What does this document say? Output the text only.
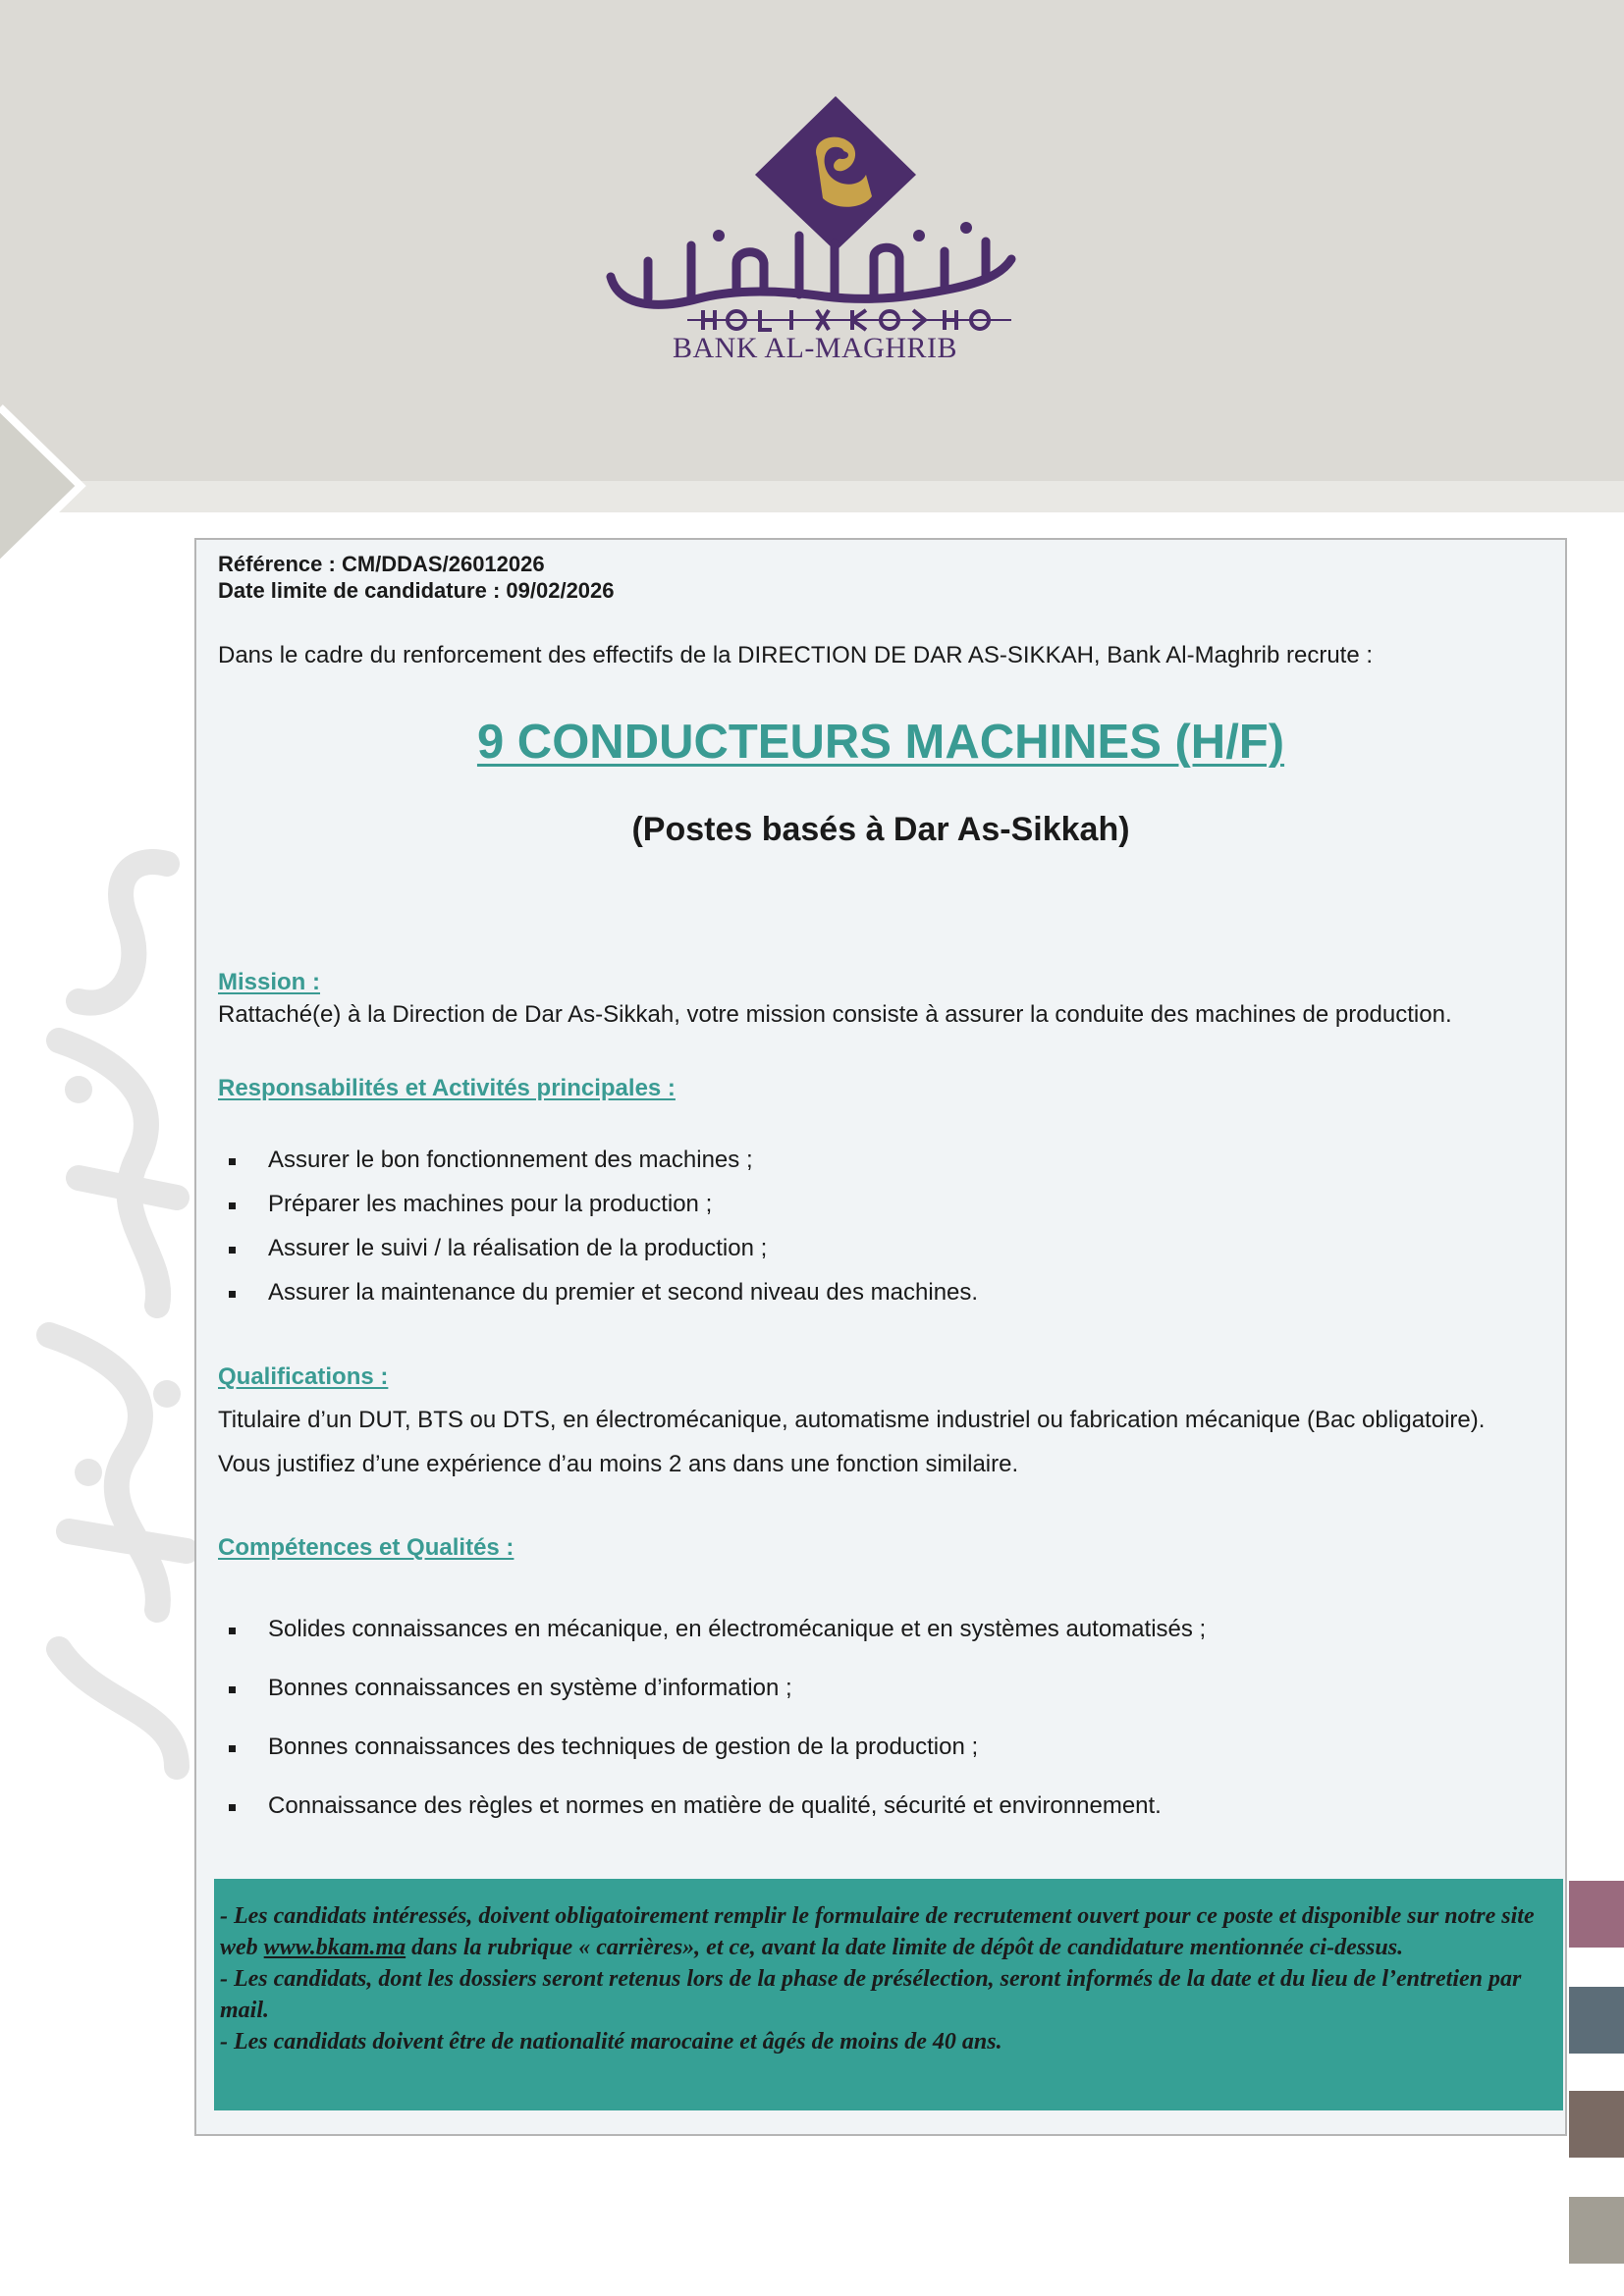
BANK AL-MAGHRIB
Référence : CM/DDAS/26012026
Date limite de candidature : 09/02/2026
Dans le cadre du renforcement des effectifs de la DIRECTION DE DAR AS-SIKKAH, Bank Al-Maghrib recrute :
9 CONDUCTEURS MACHINES (H/F)
(Postes basés à Dar As-Sikkah)
Mission :
Rattaché(e) à la Direction de Dar As-Sikkah, votre mission consiste à assurer la conduite des machines de production.
Responsabilités et Activités principales :
Assurer le bon fonctionnement des machines ;
Préparer les machines pour la production ;
Assurer le suivi / la réalisation de la production ;
Assurer la maintenance du premier et second niveau des machines.
Qualifications :
Titulaire d’un DUT, BTS ou DTS, en électromécanique, automatisme industriel ou fabrication mécanique (Bac obligatoire).
Vous justifiez d’une expérience d’au moins 2 ans dans une fonction similaire.
Compétences et Qualités :
Solides connaissances en mécanique, en électromécanique et en systèmes automatisés ;
Bonnes connaissances en système d’information ;
Bonnes connaissances des techniques de gestion de la production ;
Connaissance des règles et normes en matière de qualité, sécurité et environnement.
- Les candidats intéressés, doivent obligatoirement remplir le formulaire de recrutement ouvert pour ce poste et disponible sur notre site web www.bkam.ma dans la rubrique « carrières», et ce, avant la date limite de dépôt de candidature mentionnée ci-dessus.
- Les candidats, dont les dossiers seront retenus lors de la phase de présélection, seront informés de la date et du lieu de l’entretien par mail.
- Les candidats doivent être de nationalité marocaine et âgés de moins de 40 ans.
